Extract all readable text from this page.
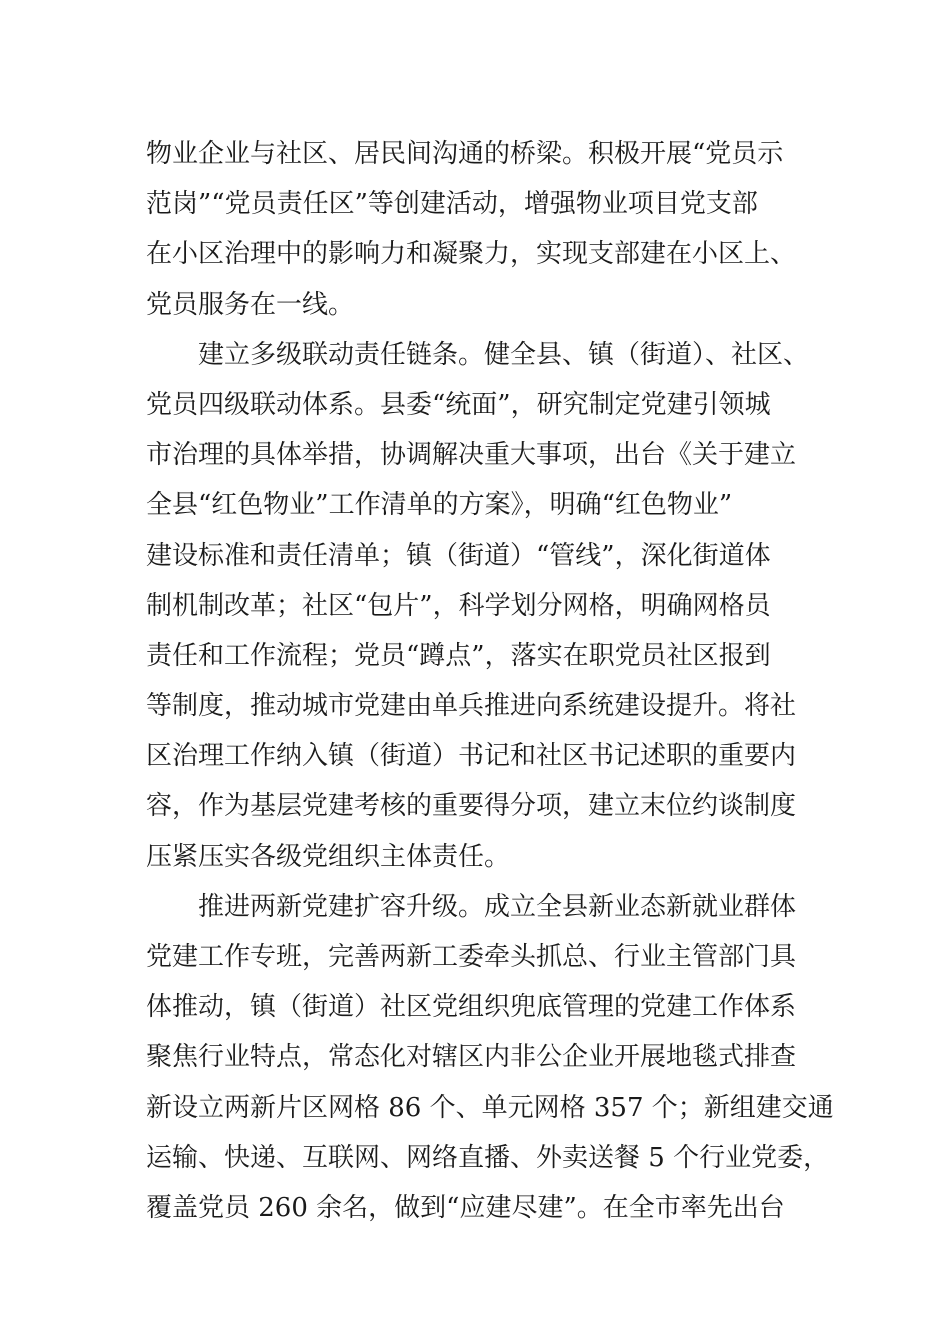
物业企业与社区、居民间沟通的桥梁。积极开展“党员示
范岗”“党员责任区”等创建活动，增强物业项目党支部
在小区治理中的影响力和凝聚力，实现支部建在小区上、
党员服务在一线。
建立多级联动责任链条。健全县、镇（街道）、社区、
党员四级联动体系。县委“统面”，研究制定党建引领城
市治理的具体举措，协调解决重大事项，出台《关于建立
全县“红色物业”工作清单的方案》，明确“红色物业”
建设标准和责任清单；镇（街道）“管线”，深化街道体
制机制改革；社区“包片”，科学划分网格，明确网格员
责任和工作流程；党员“蹲点”，落实在职党员社区报到
等制度，推动城市党建由单兵推进向系统建设提升。将社
区治理工作纳入镇（街道）书记和社区书记述职的重要内
容，作为基层党建考核的重要得分项，建立末位约谈制度
压紧压实各级党组织主体责任。
推进两新党建扩容升级。成立全县新业态新就业群体
党建工作专班，完善两新工委牵头抓总、行业主管部门具
体推动，镇（街道）社区党组织兜底管理的党建工作体系
聚焦行业特点，常态化对辖区内非公企业开展地毯式排查
新设立两新片区网格 86 个、单元网格 357 个；新组建交通
运输、快递、互联网、网络直播、外卖送餐 5 个行业党委，
覆盖党员 260 余名，做到“应建尽建”。在全市率先出台
